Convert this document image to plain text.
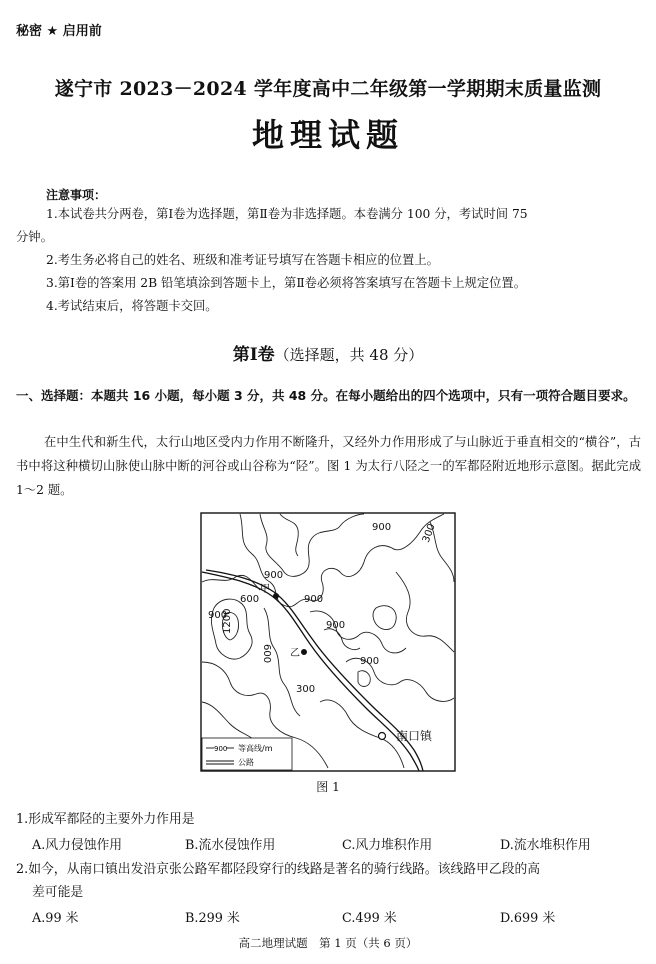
秘密 ★ 启用前
遂宁市 2023－2024 学年度高中二年级第一学期期末质量监测
地理试题
注意事项：
1.本试卷共分两卷，第Ⅰ卷为选择题，第Ⅱ卷为非选择题。本卷满分 100 分，考试时间 75
分钟。
2.考生务必将自己的姓名、班级和准考证号填写在答题卡相应的位置上。
3.第Ⅰ卷的答案用 2B 铅笔填涂到答题卡上，第Ⅱ卷必须将答案填写在答题卡上规定位置。
4.考试结束后，将答题卡交回。
第Ⅰ卷（选择题，共 48 分）
一、选择题：本题共 16 小题，每小题 3 分，共 48 分。在每小题给出的四个选项中，只有一项符合题目要求。
在中生代和新生代，太行山地区受内力作用不断隆升，又经外力作用形成了与山脉近于垂直相交的“横谷”，古书中将这种横切山脉使山脉中断的河谷或山谷称为“陉”。图 1 为太行八陉之一的军都陉附近地形示意图。据此完成 1～2 题。
甲
乙
南口镇
900
900
900
900
900
900
600
600
1200
300
300
900 等高线/m
公路
图 1
1.形成军都陉的主要外力作用是
A.风力侵蚀作用	B.流水侵蚀作用	C.风力堆积作用	D.流水堆积作用
2.如今，从南口镇出发沿京张公路军都陉段穿行的线路是著名的骑行线路。该线路甲乙段的高
差可能是
A.99 米	B.299 米	C.499 米	D.699 米
高二地理试题　第 1 页（共 6 页）
